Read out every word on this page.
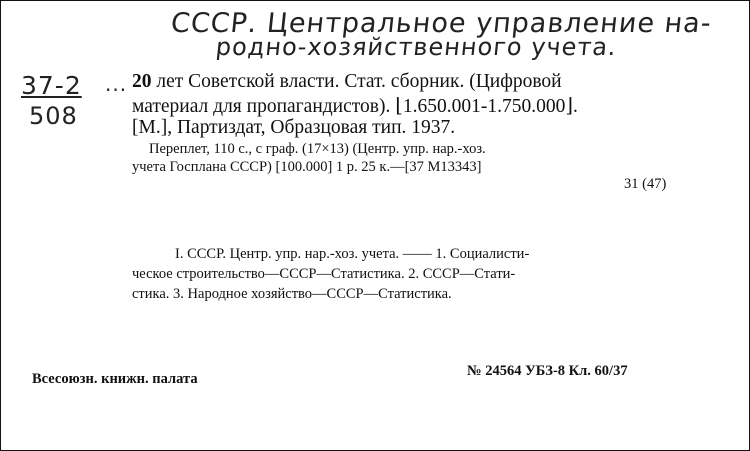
СССР. Центральное управление на-
родно-хозяйственного учета.
37-2
508
... 20 лет Советской власти. Стат. сборник. (Цифровой
материал для пропагандистов). ⌊1.650.001-1.750.000⌋.
[М.], Партиздат, Образцовая тип. 1937.
Переплет, 110 с., с граф. (17×13) (Центр. упр. нар.-хоз.
учета Госплана СССР) [100.000] 1 р. 25 к.—[37 М13343]
31 (47)
I. СССР. Центр. упр. нар.-хоз. учета. —— 1. Социалисти-
ческое строительство—СССР—Статистика. 2. СССР—Стати-
стика. 3. Народное хозяйство—СССР—Статистика.
Всесоюзн. книжн. палата	№ 24564 УБЗ-8 Кл. 60/37
